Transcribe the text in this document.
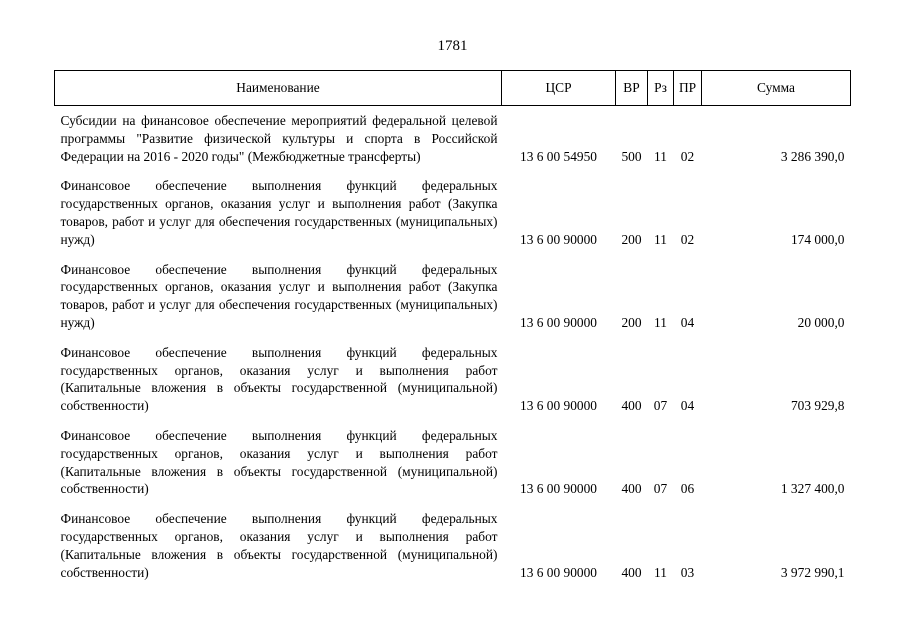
1781
Наименование	ЦСР	ВР	Рз	ПР	Сумма
Субсидии на финансовое обеспечение мероприятий федеральной целевой программы "Развитие физической культуры и спорта в Российской Федерации на 2016 - 2020 годы" (Межбюджетные трансферты)	13 6 00 54950	500	11	02	3 286 390,0
Финансовое обеспечение выполнения функций федеральных государственных органов, оказания услуг и выполнения работ (Закупка товаров, работ и услуг для обеспечения государственных (муниципальных) нужд)	13 6 00 90000	200	11	02	174 000,0
Финансовое обеспечение выполнения функций федеральных государственных органов, оказания услуг и выполнения работ (Закупка товаров, работ и услуг для обеспечения государственных (муниципальных) нужд)	13 6 00 90000	200	11	04	20 000,0
Финансовое обеспечение выполнения функций федеральных государственных органов, оказания услуг и выполнения работ (Капитальные вложения в объекты государственной (муниципальной) собственности)	13 6 00 90000	400	07	04	703 929,8
Финансовое обеспечение выполнения функций федеральных государственных органов, оказания услуг и выполнения работ (Капитальные вложения в объекты государственной (муниципальной) собственности)	13 6 00 90000	400	07	06	1 327 400,0
Финансовое обеспечение выполнения функций федеральных государственных органов, оказания услуг и выполнения работ (Капитальные вложения в объекты государственной (муниципальной) собственности)	13 6 00 90000	400	11	03	3 972 990,1
